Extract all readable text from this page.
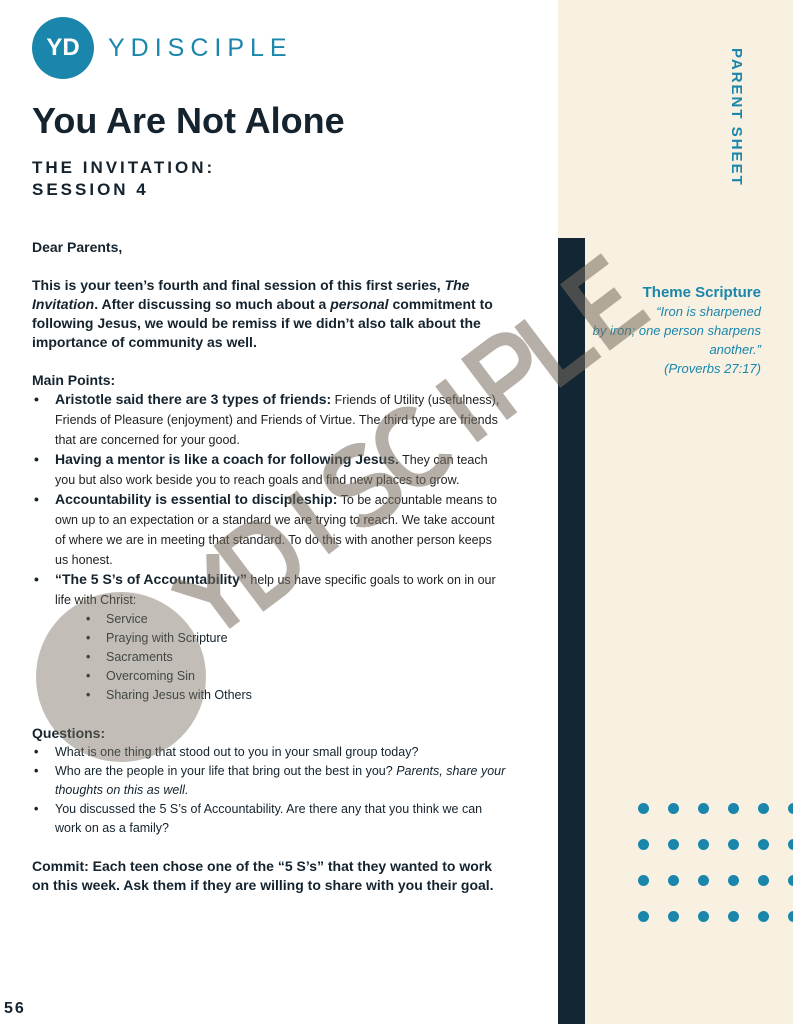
PARENT SHEET
YD	YDISCIPLE
You Are Not Alone
THE INVITATION:
SESSION 4

Dear Parents,

This is your teen’s fourth and final session of this first series, The Invitation. After discussing so much about a personal commitment to following Jesus, we would be remiss if we didn’t also talk about the importance of community as well.

Main Points:
• Aristotle said there are 3 types of friends: Friends of Utility (usefulness), Friends of Pleasure (enjoyment) and Friends of Virtue. The third type are friends that are concerned for your good.
• Having a mentor is like a coach for following Jesus. They can teach you but also work beside you to reach goals and find new places to grow.
• Accountability is essential to discipleship: To be accountable means to own up to an expectation or a standard we are trying to reach. We take account of where we are in meeting that standard. To do this with another person keeps us honest.
• “The 5 S’s of Accountability” help us have specific goals to work on in our life with Christ:
• Service
• Praying with Scripture
• Sacraments
• Overcoming Sin
• Sharing Jesus with Others
Questions:
• What is one thing that stood out to you in your small group today?
• Who are the people in your life that bring out the best in you? Parents, share your thoughts on this as well.
• You discussed the 5 S’s of Accountability. Are there any that you think we can work on as a family?

Commit: Each teen chose one of the “5 S’s” that they wanted to work on this week. Ask them if they are willing to share with you their goal.

Theme Scripture
“Iron is sharpened
by iron; one person sharpens
another.”
(Proverbs 27:17)
56
